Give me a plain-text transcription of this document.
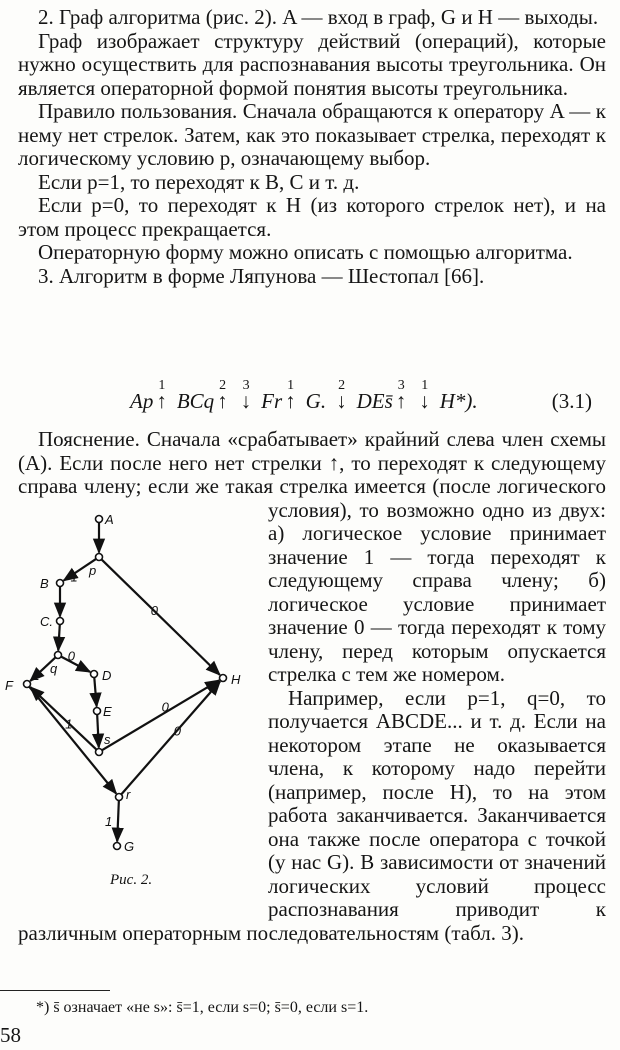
2. Граф алгоритма (рис. 2). A — вход в граф, G и H — выходы.

Граф изображает структуру действий (операций), которые нужно осуществить для распознавания высоты треугольника. Он является операторной формой понятия высоты треугольника.

Правило пользования. Сначала обращаются к оператору A — к нему нет стрелок. Затем, как это показывает стрелка, переходят к логическому условию p, означающему выбор.

Если p=1, то переходят к B, C и т. д.

Если p=0, то переходят к H (из которого стрелок нет), и на этом процесс прекращается.

Операторную форму можно описать с помощью алгоритма.

3. Алгоритм в форме Ляпунова — Шестопал [66].

Ap ↑
1
BCq ↑
2
↓
3
Fr ↑
1
G. ↓
2
DEs̄ ↑
3
↓
1
H*).	(3.1)

Пояснение. Сначала «срабатывает» крайний слева член схемы (A). Если после него нет стрелки ↑, то переходят к следующему справа члену; если же такая стрелка имеется (после логического условия), то возможно одно из двух: а) логическое условие принимает значение 1 — тогда переходят к следующему справа члену; б) логическое условие принимает значение 0 — тогда переходят к тому члену, перед которым опускается стрелка с тем же номером.

Например, если p=1, q=0, то получается ABCDE... и т. д. Если на некотором этапе не оказывается члена, к которому надо перейти (например, после H), то на этом работа заканчивается. Заканчивается она также после оператора с точкой (у нас G). В зависимости от значений логических условий процесс распознавания приводит к различным операторным последовательностям (табл. 3).

Рис. 2.
1
0
1
0
1
0
0
1
A
p
B
C.
q	D
E
s
F	H
r
G
*) s̄ означает «не s»: s̄=1, если s=0; s̄=0, если s=1.
58
